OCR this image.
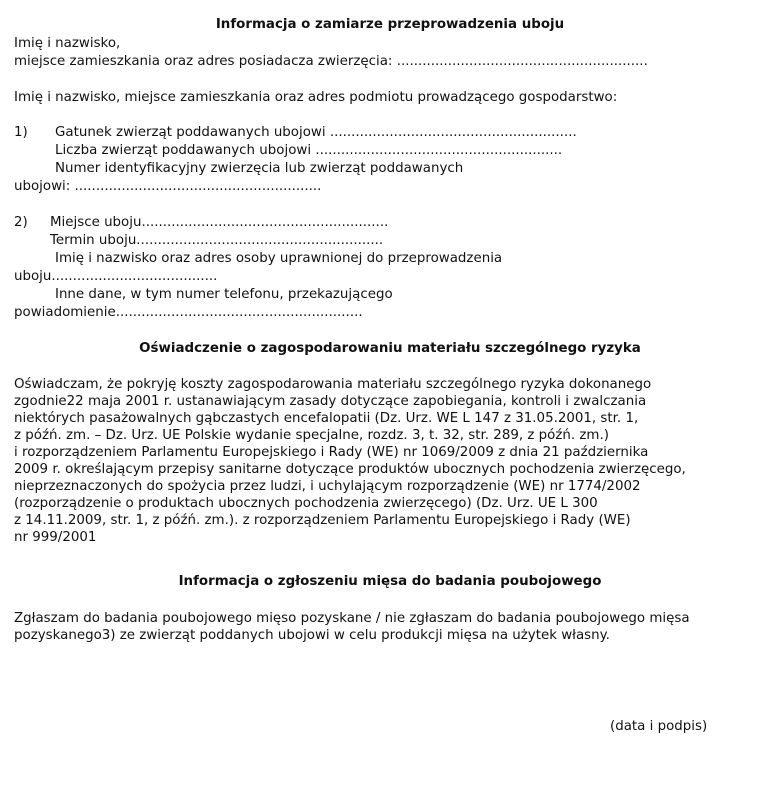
Informacja o zamiarze przeprowadzenia uboju
Imię i nazwisko,
miejsce zamieszkania oraz adres posiadacza zwierzęcia: ...........................................................
Imię i nazwisko, miejsce zamieszkania oraz adres podmiotu prowadzącego gospodarstwo:
1) Gatunek zwierząt poddawanych ubojowi ..........................................................
Liczba zwierząt poddawanych ubojowi ..........................................................
Numer identyfikacyjny zwierzęcia lub zwierząt poddawanych
ubojowi: ..........................................................
2) Miejsce uboju..........................................................
Termin uboju..........................................................
Imię i nazwisko oraz adres osoby uprawnionej do przeprowadzenia
uboju.......................................
Inne dane, w tym numer telefonu, przekazującego
powiadomienie..........................................................
Oświadczenie o zagospodarowaniu materiału szczególnego ryzyka
Oświadczam, że pokryję koszty zagospodarowania materiału szczególnego ryzyka dokonanego
zgodnie22 maja 2001 r. ustanawiającym zasady dotyczące zapobiegania, kontroli i zwalczania
niektórych pasażowalnych gąbczastych encefalopatii (Dz. Urz. WE L 147 z 31.05.2001, str. 1,
z późń. zm. – Dz. Urz. UE Polskie wydanie specjalne, rozdz. 3, t. 32, str. 289, z późń. zm.)
i rozporządzeniem Parlamentu Europejskiego i Rady (WE) nr 1069/2009 z dnia 21 października
2009 r. określającym przepisy sanitarne dotyczące produktów ubocznych pochodzenia zwierzęcego,
nieprzeznaczonych do spożycia przez ludzi, i uchylającym rozporządzenie (WE) nr 1774/2002
(rozporządzenie o produktach ubocznych pochodzenia zwierzęcego) (Dz. Urz. UE L 300
z 14.11.2009, str. 1, z późń. zm.). z rozporządzeniem Parlamentu Europejskiego i Rady (WE)
nr 999/2001
Informacja o zgłoszeniu mięsa do badania poubojowego
Zgłaszam do badania poubojowego mięso pozyskane / nie zgłaszam do badania poubojowego mięsa
pozyskanego3) ze zwierząt poddanych ubojowi w celu produkcji mięsa na użytek własny.
(data i podpis)
